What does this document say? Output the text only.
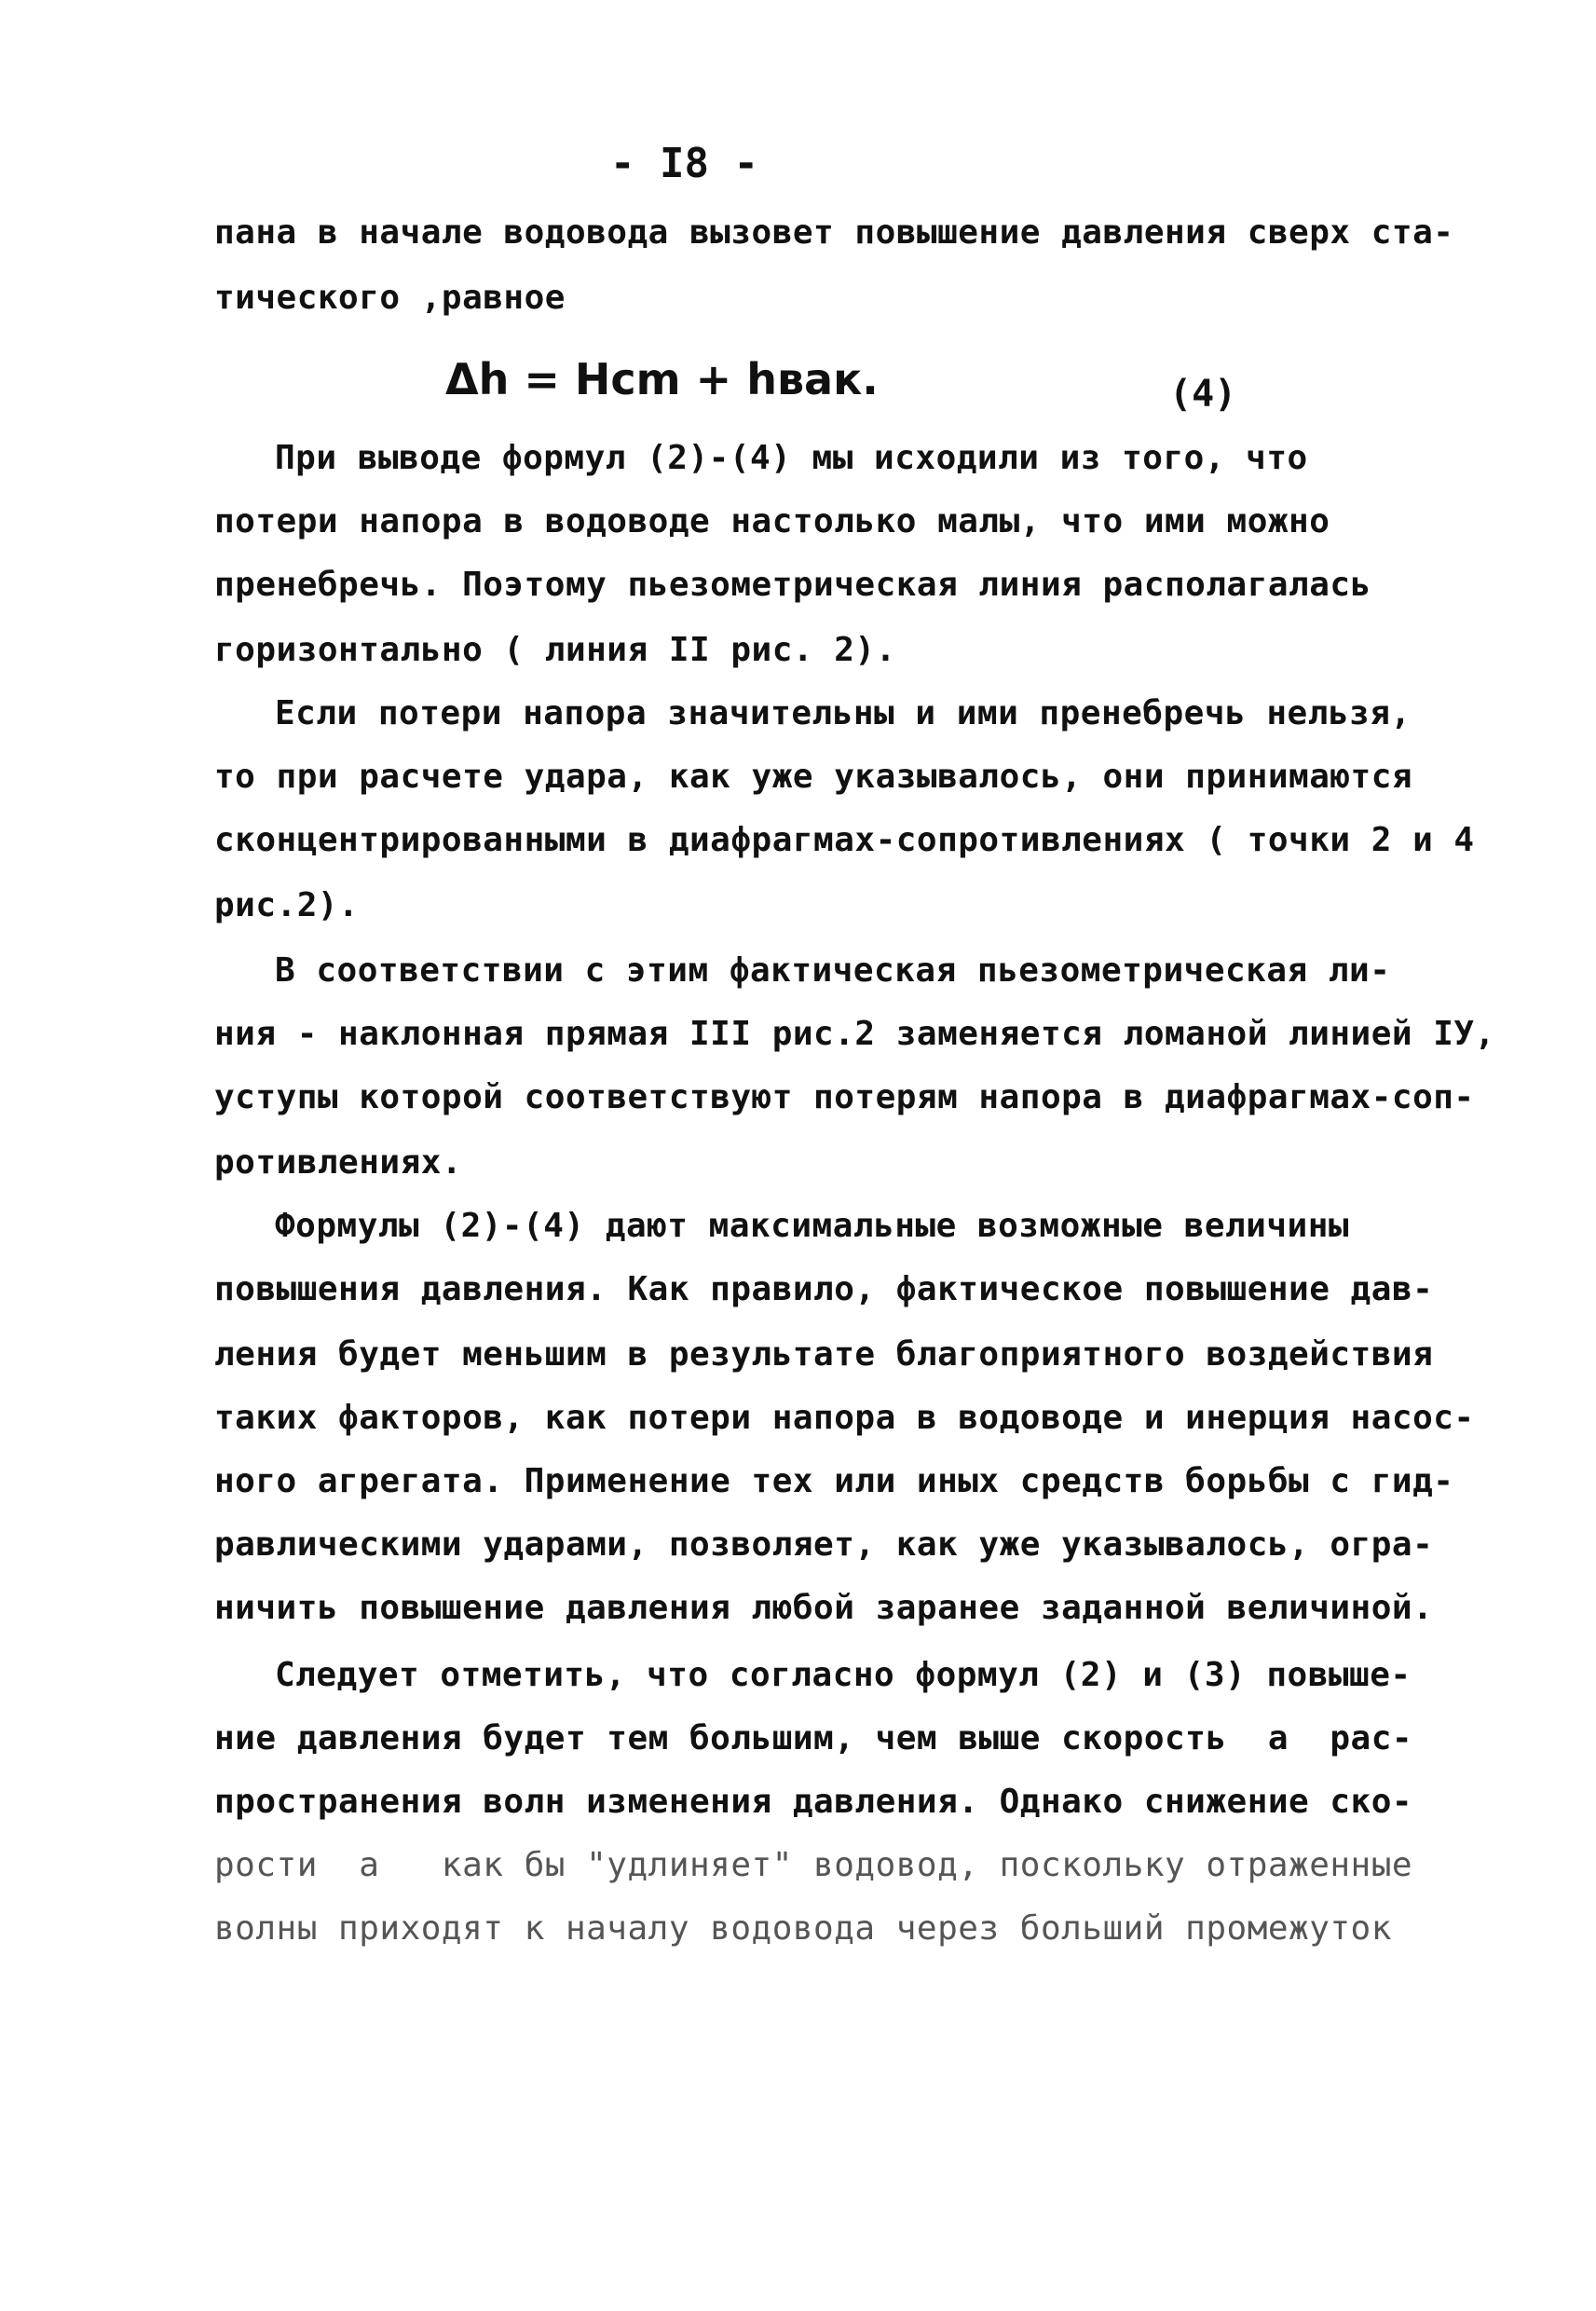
- I8 -
пана в начале водовода вызовет повышение давления сверх ста-
тического ,равное
Δh = Hcm + hвак.	(4)
При выводе формул (2)-(4) мы исходили из того, что
потери напора в водоводе настолько малы, что ими можно
пренебречь. Поэтому пьезометрическая линия располагалась
горизонтально ( линия II рис. 2).
Если потери напора значительны и ими пренебречь нельзя,
то при расчете удара, как уже указывалось, они принимаются
сконцентрированными в диафрагмах-сопротивлениях ( точки 2 и 4
рис.2).
В соответствии с этим фактическая пьезометрическая ли-
ния - наклонная прямая III рис.2 заменяется ломаной линией IУ,
уступы которой соответствуют потерям напора в диафрагмах-соп-
ротивлениях.
Формулы (2)-(4) дают максимальные возможные величины
повышения давления. Как правило, фактическое повышение дав-
ления будет меньшим в результате благоприятного воздействия
таких факторов, как потери напора в водоводе и инерция насос-
ного агрегата. Применение тех или иных средств борьбы с гид-
равлическими ударами, позволяет, как уже указывалось, огра-
ничить повышение давления любой заранее заданной величиной.
Следует отметить, что согласно формул (2) и (3) повыше-
ние давления будет тем большим, чем выше скорость  a  рас-
пространения волн изменения давления. Однако снижение ско-
рости  a   как бы "удлиняет" водовод, поскольку отраженные
волны приходят к началу водовода через больший промежуток
